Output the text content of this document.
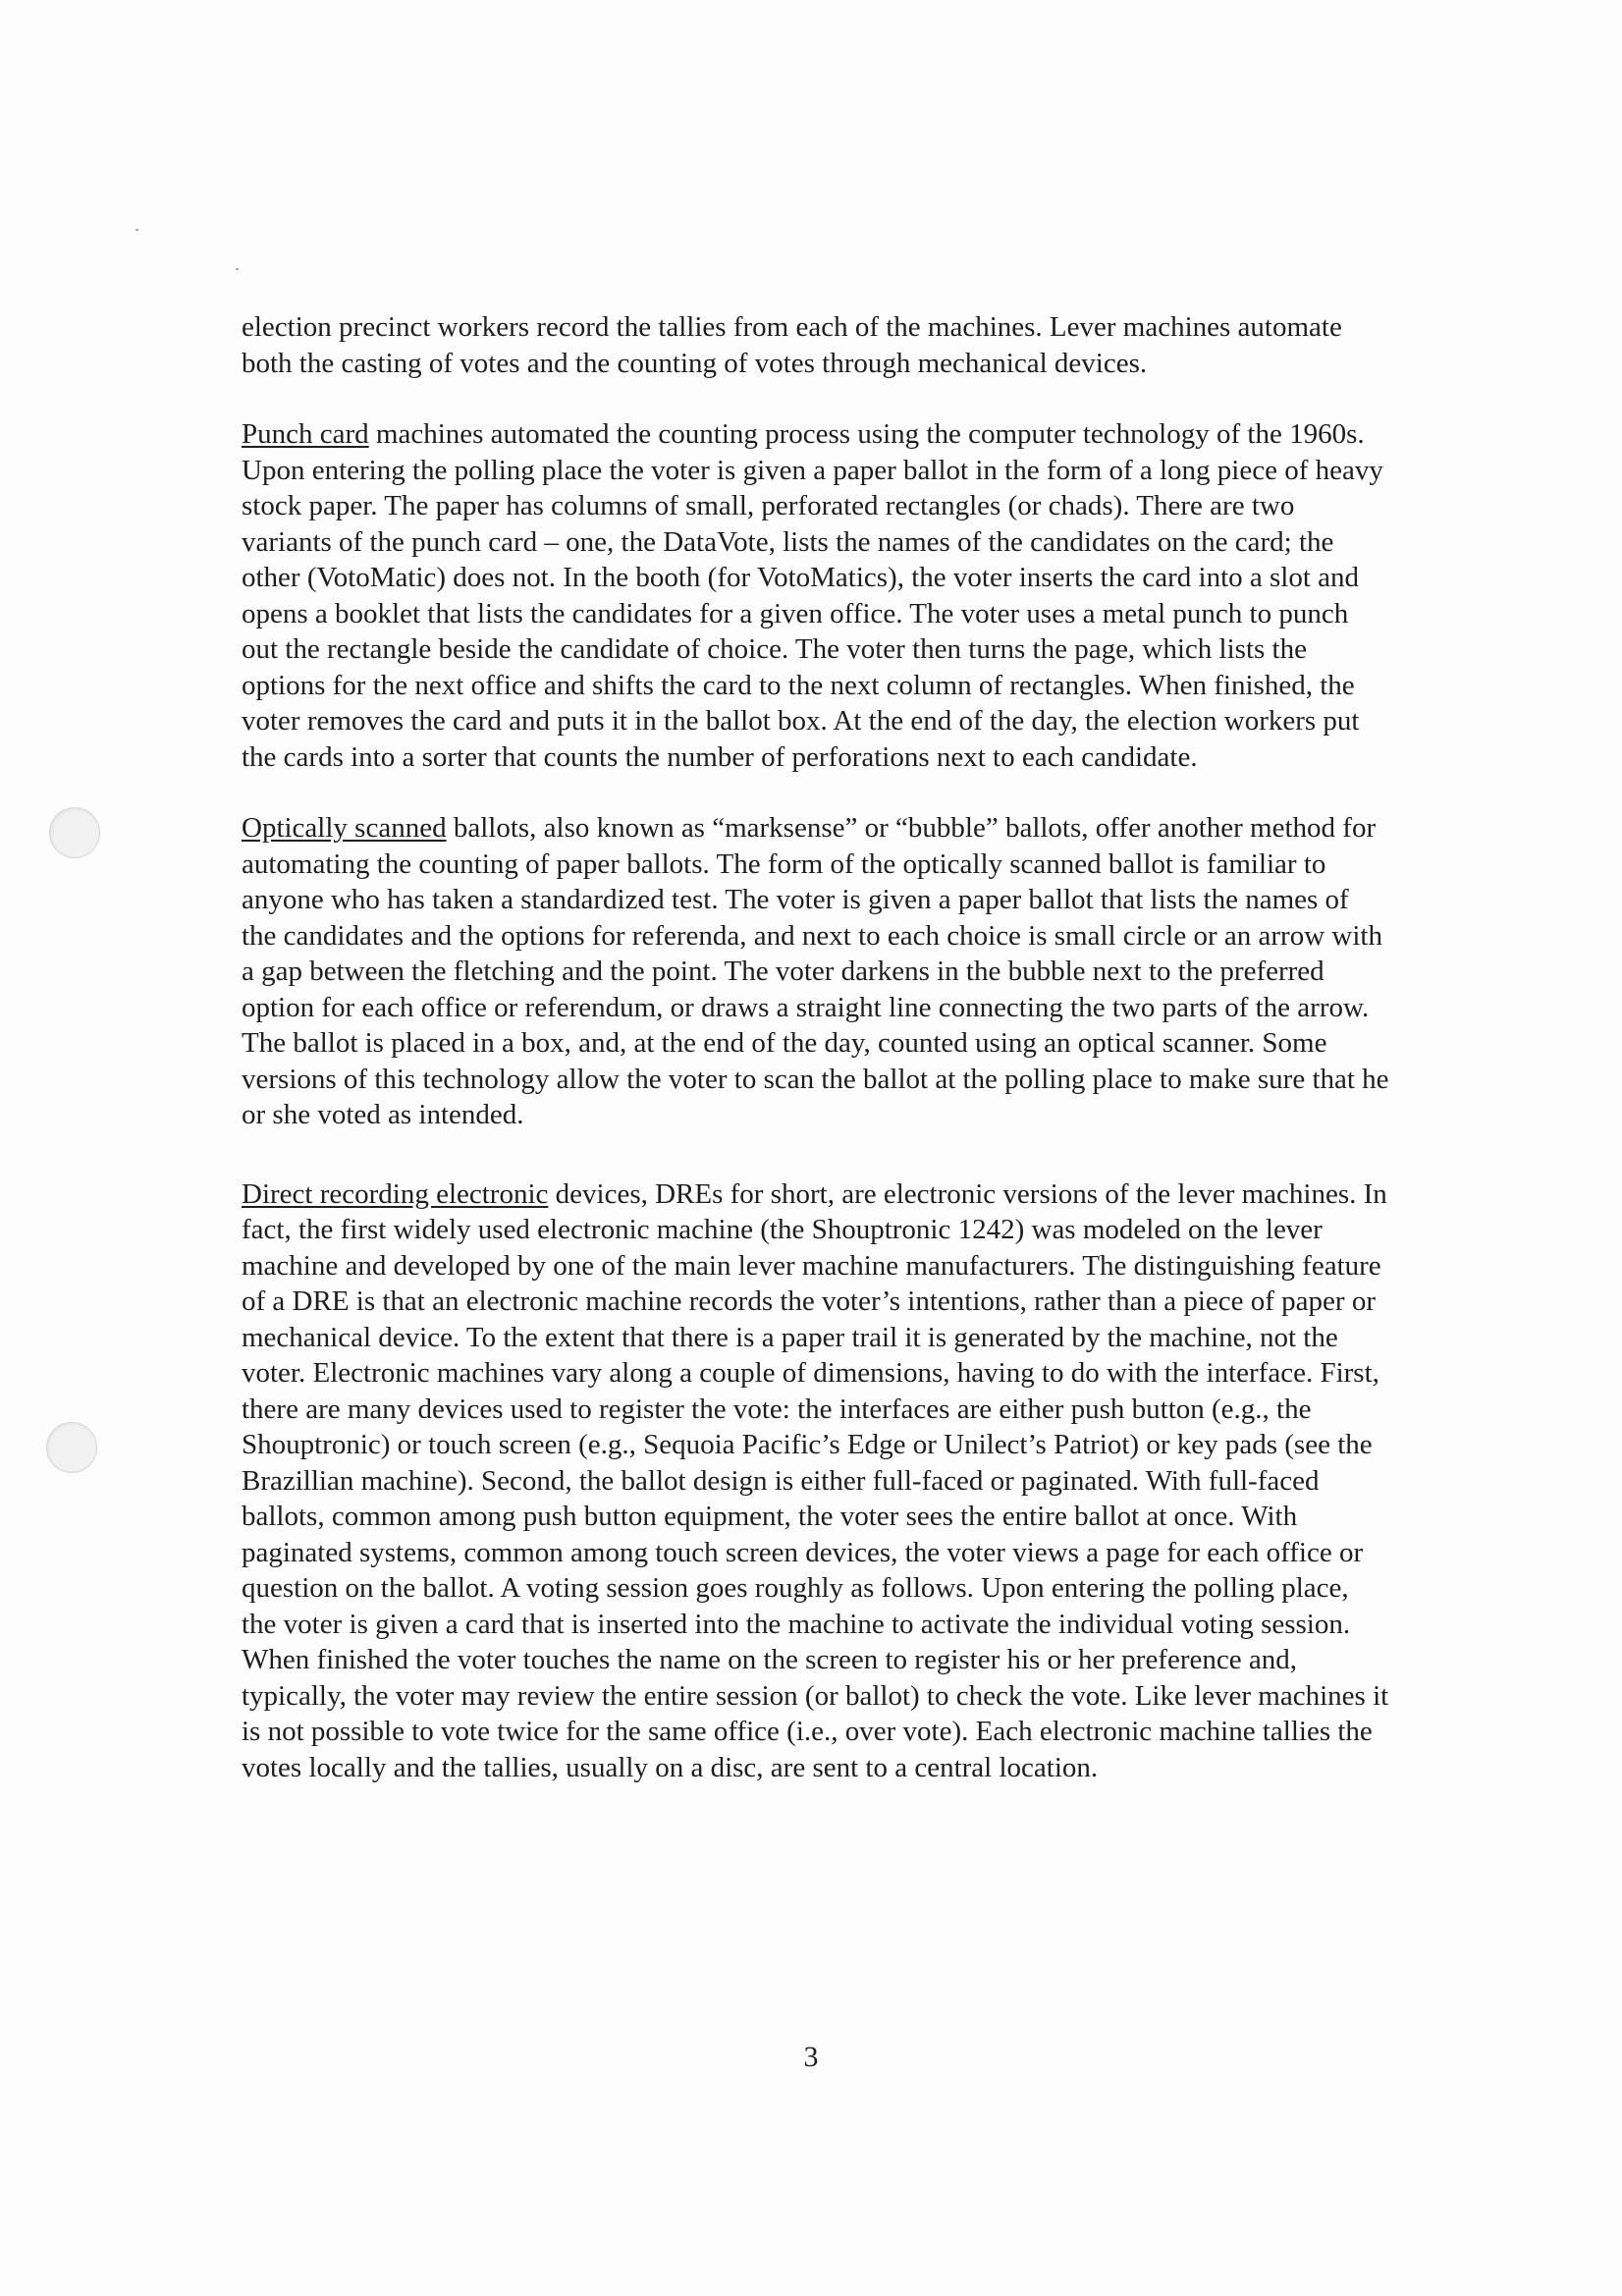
election precinct workers record the tallies from each of the machines. Lever machines automate both the casting of votes and the counting of votes through mechanical devices.

Punch card machines automated the counting process using the computer technology of the 1960s. Upon entering the polling place the voter is given a paper ballot in the form of a long piece of heavy stock paper. The paper has columns of small, perforated rectangles (or chads). There are two variants of the punch card – one, the DataVote, lists the names of the candidates on the card; the other (VotoMatic) does not. In the booth (for VotoMatics), the voter inserts the card into a slot and opens a booklet that lists the candidates for a given office. The voter uses a metal punch to punch out the rectangle beside the candidate of choice. The voter then turns the page, which lists the options for the next office and shifts the card to the next column of rectangles. When finished, the voter removes the card and puts it in the ballot box. At the end of the day, the election workers put the cards into a sorter that counts the number of perforations next to each candidate.

Optically scanned ballots, also known as “marksense” or “bubble” ballots, offer another method for automating the counting of paper ballots. The form of the optically scanned ballot is familiar to anyone who has taken a standardized test. The voter is given a paper ballot that lists the names of the candidates and the options for referenda, and next to each choice is small circle or an arrow with a gap between the fletching and the point. The voter darkens in the bubble next to the preferred option for each office or referendum, or draws a straight line connecting the two parts of the arrow. The ballot is placed in a box, and, at the end of the day, counted using an optical scanner. Some versions of this technology allow the voter to scan the ballot at the polling place to make sure that he or she voted as intended.

Direct recording electronic devices, DREs for short, are electronic versions of the lever machines. In fact, the first widely used electronic machine (the Shouptronic 1242) was modeled on the lever machine and developed by one of the main lever machine manufacturers. The distinguishing feature of a DRE is that an electronic machine records the voter’s intentions, rather than a piece of paper or mechanical device. To the extent that there is a paper trail it is generated by the machine, not the voter. Electronic machines vary along a couple of dimensions, having to do with the interface. First, there are many devices used to register the vote: the interfaces are either push button (e.g., the Shouptronic) or touch screen (e.g., Sequoia Pacific’s Edge or Unilect’s Patriot) or key pads (see the Brazillian machine). Second, the ballot design is either full-faced or paginated. With full-faced ballots, common among push button equipment, the voter sees the entire ballot at once. With paginated systems, common among touch screen devices, the voter views a page for each office or question on the ballot. A voting session goes roughly as follows. Upon entering the polling place, the voter is given a card that is inserted into the machine to activate the individual voting session. When finished the voter touches the name on the screen to register his or her preference and, typically, the voter may review the entire session (or ballot) to check the vote. Like lever machines it is not possible to vote twice for the same office (i.e., over vote). Each electronic machine tallies the votes locally and the tallies, usually on a disc, are sent to a central location.

3
